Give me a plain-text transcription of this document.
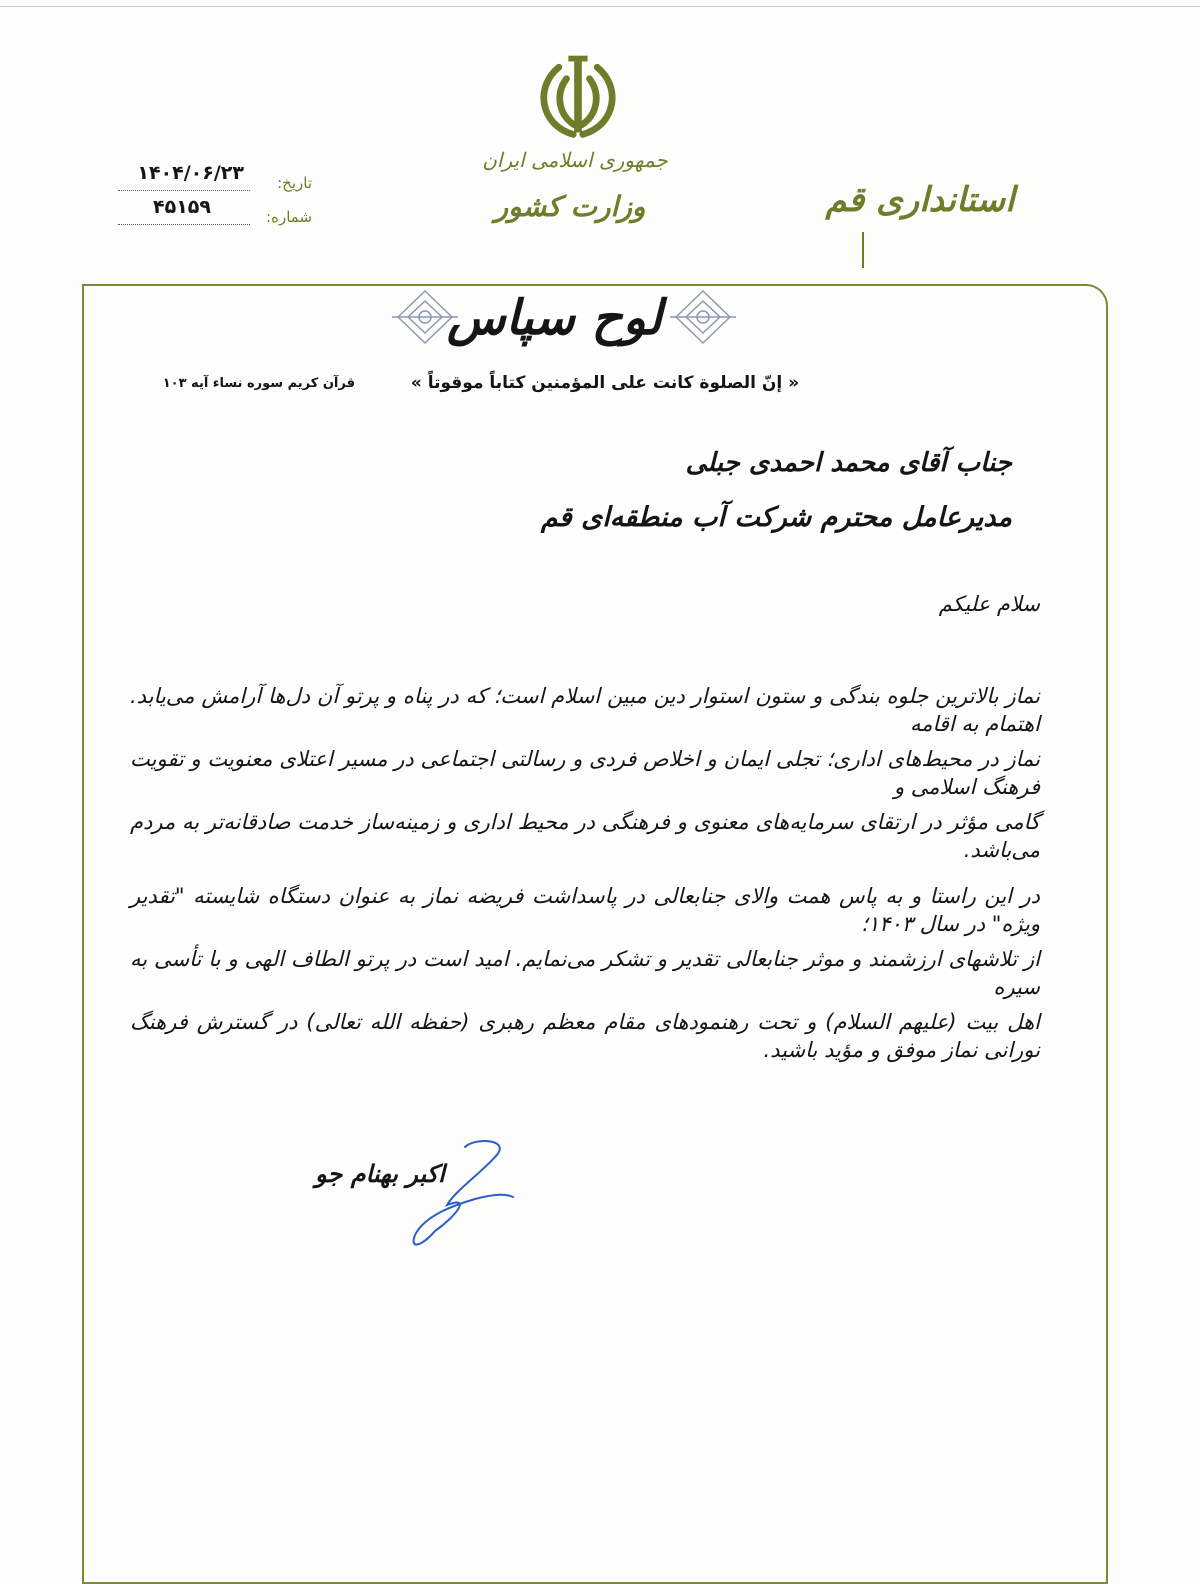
جمهوری اسلامی ایران
وزارت کشور	استانداری قم
تاریخ:
۱۴۰۴/۰۶/۲۳
شماره:
۴۵۱۵۹
لوح سپاس
« إنّ الصلوة کانت علی المؤمنین کتاباً موقوتاً »
قرآن کریم سوره نساء آیه ۱۰۳
جناب آقای محمد احمدی جبلی
مدیرعامل محترم شرکت آب منطقه‌ای قم
سلام علیکم
نماز بالاترین جلوه بندگی و ستون استوار دین مبین اسلام است؛ که در پناه و پرتو آن دل‌ها آرامش می‌یابد. اهتمام به اقامه
نماز در محیط‌های اداری؛ تجلی ایمان و اخلاص فردی و رسالتی اجتماعی در مسیر اعتلای معنویت و تقویت فرهنگ اسلامی و
گامی مؤثر در ارتقای سرمایه‌های معنوی و فرهنگی در محیط اداری و زمینه‌ساز خدمت صادقانه‌تر به مردم می‌باشد.
در این راستا و به پاس همت والای جنابعالی در پاسداشت فریضه نماز به عنوان دستگاه شایسته "تقدیر ویژه" در سال ۱۴۰۳؛
از تلاشهای ارزشمند و موثر جنابعالی تقدیر و تشکر می‌نمایم. امید است در پرتو الطاف الهی و با تأسی به سیره
اهل بیت (علیهم السلام) و تحت رهنمودهای مقام معظم رهبری (حفظه الله تعالی) در گسترش فرهنگ نورانی نماز موفق و مؤید باشید.
اکبر بهنام جو
